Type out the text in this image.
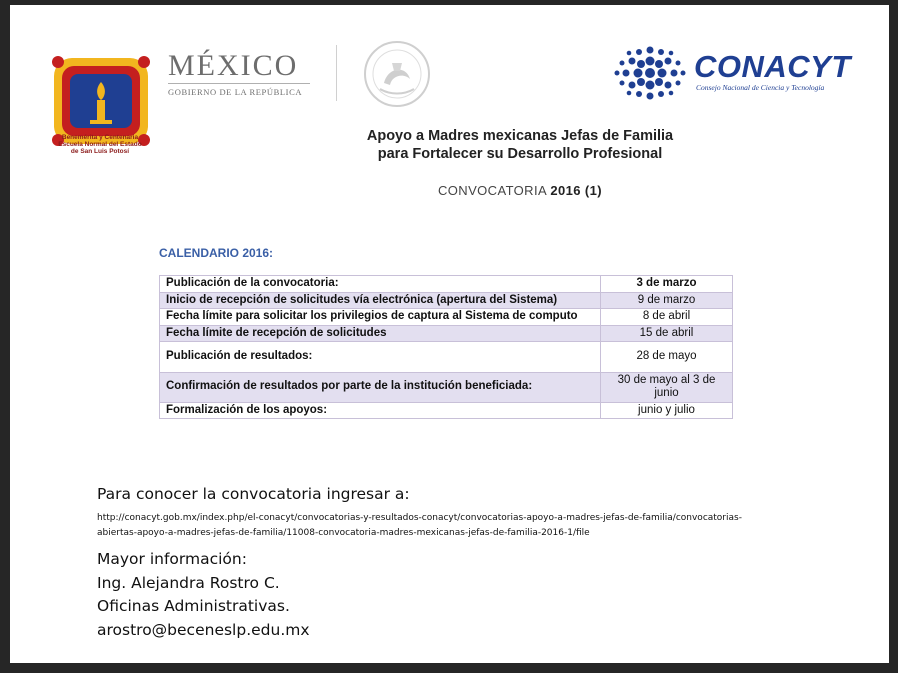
Benemérita y Centenaria
Escuela Normal del Estado
de San Luis Potosí
MÉXICO
GOBIERNO DE LA REPÚBLICA
CONACYT
Consejo Nacional de Ciencia y Tecnología
Apoyo a Madres mexicanas Jefas de Familia
para Fortalecer su Desarrollo Profesional
CONVOCATORIA 2016 (1)
CALENDARIO 2016:
Publicación de la convocatoria:	3 de marzo
Inicio de recepción de solicitudes vía electrónica (apertura del Sistema)	9 de marzo
Fecha límite para solicitar los privilegios de captura al Sistema de computo	8 de abril
Fecha límite de recepción de solicitudes	15 de abril
Publicación de resultados:	28 de mayo
Confirmación de resultados por parte de la institución beneficiada:	30 de mayo al 3 de junio
Formalización de los apoyos:	junio y julio
Para conocer la convocatoria ingresar a:
http://conacyt.gob.mx/index.php/el-conacyt/convocatorias-y-resultados-conacyt/convocatorias-apoyo-a-madres-jefas-de-familia/convocatorias-
abiertas-apoyo-a-madres-jefas-de-familia/11008-convocatoria-madres-mexicanas-jefas-de-familia-2016-1/file
Mayor información:
Ing. Alejandra Rostro C.
Oficinas Administrativas.
arostro@beceneslp.edu.mx
